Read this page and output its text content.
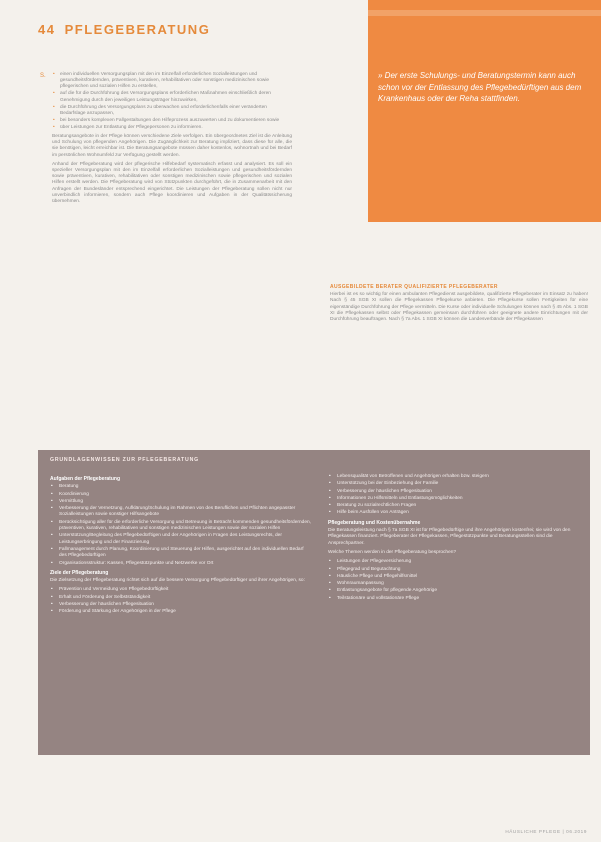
44 PFLEGEBERATUNG
» Der erste Schulungs- und Beratungstermin kann auch schon vor der Entlassung des Pflegebedürftigen aus dem Krankenhaus oder der Reha stattfinden.
S.
•	einen individuellen Versorgungsplan mit den im Einzelfall erforderlichen Sozialleistungen und gesundheitsfördernden, präventiven, kurativen, rehabilitativen oder sonstigen medizinischen sowie pflegerischen und sozialen Hilfen zu erstellen,
• auf die für die Durchführung des Versorgungsplans erforderlichen Maßnahmen einschließlich deren Genehmigung durch den jeweiligen Leistungsträger hinzuwirken,
• die Durchführung des Versorgungsplans zu überwachen und erforderlichenfalls einer veränderten Bedarfslage anzupassen,
• bei besonders komplexen Fallgestaltungen den Hilfeprozess auszuwerten und zu dokumentieren sowie
• über Leistungen zur Entlastung der Pflegepersonen zu informieren.

Beratungsangebote in der Pflege können verschiedene Ziele verfolgen. Ein übergeordnetes Ziel ist die Anleitung und Schulung von pflegenden Angehörigen. Die Zugänglichkeit zur Beratung impliziert, dass diese für alle, die sie benötigen, leicht erreichbar ist. Die Beratungsangebote müssen daher kostenlos, wohnortnah und bei Bedarf im persönlichen Wohnumfeld zur Verfügung gestellt werden.

Anhand der Pflegeberatung wird der pflegerische Hilfebedarf systematisch erfasst und analysiert. Es soll ein spezieller Versorgungsplan mit den im Einzelfall erforderlichen Sozialleistungen und gesundheitsfördernden sowie präventiven, kurativen, rehabilitativen oder sonstigen medizinischen sowie pflegerischen und sozialen Hilfen erstellt werden. Die Pflegeberatung wird von Stützpunkten durchgeführt, die in Zusammenarbeit mit den Anfragen der Bundesländer entsprechend eingerichtet. Die Leistungen der Pflegeberatung sollen nicht nur unverbindlich informieren, sondern auch Pflege koordinieren und Aufgaben in der Qualitätssicherung übernehmen.

AUSGEBILDETE BERATER QUALIFIZIERTE PFLEGEBERATER

Hierbei ist es so wichtig für einen ambulanten Pflegedienst ausgebildete, qualifizierte Pflegeberater im Einsatz zu haben! Nach § 45 SGB XI sollen die Pflegekassen Pflegekurse anbieten. Die Pflegekurse sollen Fertigkeiten für eine eigenständige Durchführung der Pflege vermitteln. Die Kurse oder individuelle Schulungen können nach § 45 Abs. 1 SGB XI die Pflegekassen selbst oder Pflegekassen gemeinsam durchführen oder geeignete andere Einrichtungen mit der Durchführung beauftragen. Nach § 7a Abs. 1 SGB XI können die Landesverbände der Pflegekassen

GRUNDLAGENWISSEN ZUR PFLEGEBERATUNG
Aufgaben der Pflegeberatung
• Beratung
• Koordinierung
• Vermittlung
• Verbesserung der Vernetzung, Aufklärung/Schulung im Rahmen von des Beruflichen und Pflichten angepasster Sozialleistungen sowie sonstiger Hilfsangebote
• Berücksichtigung aller für die erforderliche Versorgung und Betreuung in Betracht kommenden gesundheitsfördernden, präventiven, kurativen, rehabilitativen und sonstigen medizinischen Leistungen sowie der sozialen Hilfen
• Unterstützung/Begleitung des Pflegebedürftigen und der Angehörigen in Fragen des Leistungsrechts, der Leistungserbringung und der Finanzierung
• Fallmanagement durch Planung, Koordinierung und Steuerung der Hilfen, ausgerichtet auf den individuellen Bedarf des Pflegebedürftigen
• Organisationsstruktur: Kassen, Pflegestützpunkte und Netzwerke vor Ort
Ziele der Pflegeberatung

Die Zielsetzung der Pflegeberatung richtet sich auf die bessere Versorgung Pflegebedürftiger und ihrer Angehörigen, so:

• Prävention und Vermeidung von Pflegebedürftigkeit
• Erhalt und Förderung der Selbstständigkeit
• Verbesserung der häuslichen Pflegesituation
• Förderung und Stärkung der Angehörigen in der Pflege
• Lebensqualität von Betroffenen und Angehörigen erhalten bzw. steigern
• Unterstützung bei der Einbeziehung der Familie
• Verbesserung der häuslichen Pflegesituation
• Informationen zu Hilfsmitteln und Entlastungsmöglichkeiten
• Beratung zu sozialrechtlichen Fragen
• Hilfe beim Ausfüllen von Anträgen
Pflegeberatung und Kostenübernahme

Die Beratungsleistung nach § 7a SGB XI ist für Pflegebedürftige und ihre Angehörigen kostenfrei; sie wird von den Pflegekassen finanziert. Pflegeberater der Pflegekassen, Pflegestützpunkte und Beratungsstellen sind die Ansprechpartner.

Welche Themen werden in der Pflegeberatung besprochen?

• Leistungen der Pflegeversicherung
• Pflegegrad und Begutachtung
• Häusliche Pflege und Pflegehilfsmittel
• Wohnraumanpassung
• Entlastungsangebote für pflegende Angehörige
• Teilstationäre und vollstationäre Pflege
HÄUSLICHE PFLEGE | 06.2019
